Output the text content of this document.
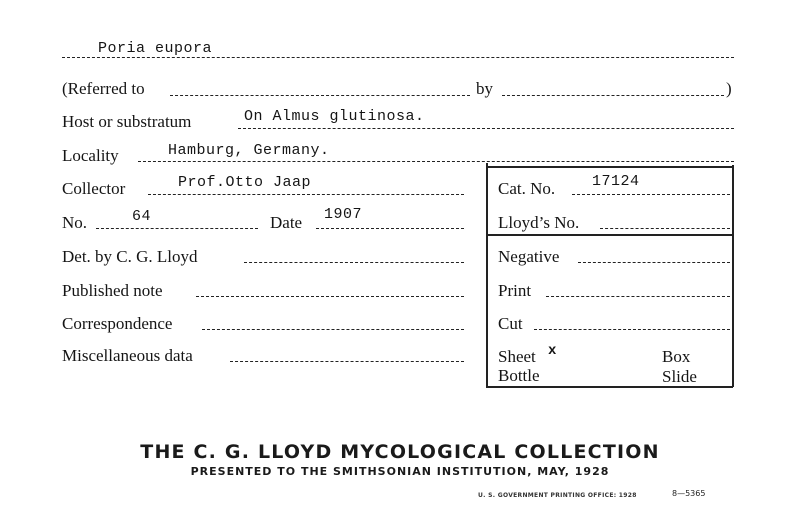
Poria eupora
(Referred to	by	)
Host or substratum	On Almus glutinosa.
Locality	Hamburg, Germany.
Collector	Prof.Otto Jaap
No.	64	Date 1907
Det. by C. G. Lloyd
Published note
Correspondence
Miscellaneous data
Cat. No. 17124
Lloyd’s No.
Negative
Print
Cut
Sheet x	Box
Bottle	Slide
THE C. G. LLOYD MYCOLOGICAL COLLECTION
PRESENTED TO THE SMITHSONIAN INSTITUTION, MAY, 1928
U. S. GOVERNMENT PRINTING OFFICE: 1928	8—5365
